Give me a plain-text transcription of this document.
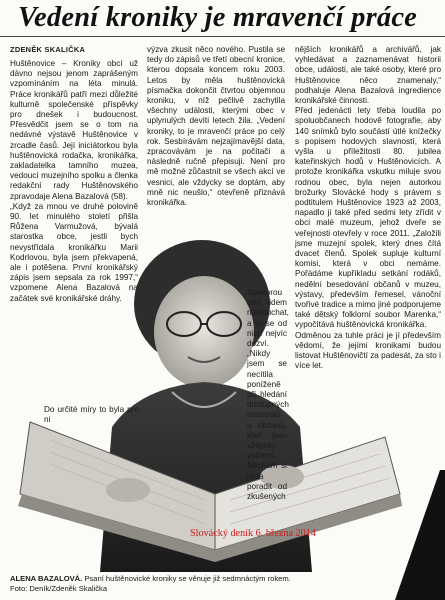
Vedení kroniky je mravenčí práce
ZDENĚK SKALIČKA
Huštěnovice – Kroniky obcí už dávno nejsou jenom zaprášeným vzpomínáním na léta minulá. Práce kronikářů patří mezi důležité kulturně společenské příspěvky pro dnešek i budoucnost. Přesvědčit jsem se o tom na nedávné výstavě Huštěnovice v zrcadle časů. Její iniciátorkou byla huštěnovická rodačka, kronikářka, zakladatelka tamního muzea, vedoucí muzejního spolku a členka redakční rady Huštěnovského zpravodaje Alena Bazalová (58).
„Když za mnou ve druhé polovině 90. let minulého století přišla Růžena Varmužová, bývalá starostka obce, jestli bych nevystřídala kronikářku Marii Kodrlovou, byla jsem překvapená, ale i potěšena. První kronikářský zápis jsem sepsala za rok 1997,“ vzpomene Alena Bazalová na začátek své kronikářské dráhy.
Do určité míry to byla pro ni
výzva zkusit něco nového. Pustila se tedy do zápisů ve třetí obecní kronice, kterou dopsala koncem roku 2003. Letos by měla huštěnovická písmačka dokončit čtvrtou objemnou kroniku, v níž pečlivě zachytila všechny události, kterými obec v uplynulých devíti letech žila. „Vedení kroniky, to je mravenčí práce po celý rok. Sesbírávám nejzajímavější data, zpracovávám je na počítači a následně ručně přepisuji. Není pro mě možné zůčastnit se všech akcí ve vesnici, ale vždycky se doptám, aby mně nic neušlo,“ otevřeně přiznává kronikářka.
Spokorou umí lidem naslouchat, a to se od nich nejvíc dozví. „Nikdy jsem se necítila poníženě při hledání dostupných materiálů u občanů, kteří jsou vždycky vstřícní. Nechám si ráda poradit od zkušených
nějších kronikářů a archivářů, jak vyhledávat a zaznamenávat historii obce, události, ale také osoby, které pro Huštěnovice něco znamenaly,“ podhaluje Alena Bazalová ingredience kronikářské činnosti.
Před jedenácti lety třeba loudila po spoluobčanech hodově fotografie, aby 140 snímků bylo součástí útlé knížečky s popisem hodových slavností, která vyšla u příležitosti 80. jubilea kateřinských hodů v Huštěnovicích. A protože kronikářka vskutku miluje svou rodnou obec, byla nejen autorkou brožurky Slovácké hody s právem s podtitulem Huštěnovice 1923 až 2003, napadlo ji také před sedmi lety zřídit v obci malé muzeum, jehož dveře se veřejnosti otevřely v roce 2011. „Založili jsme muzejní spolek, který dnes čítá dvacet členů. Spolek supluje kulturní komisi, která v obci nemáme. Pořádáme kupříkladu setkání rodáků, nedělní besedování občanů v muzeu, výstavy, především řemesel, vánoční tvořivé tradice a mimo jiné podporujeme také dětský folklorní soubor Marenka,“ vypočítává huštěnovická kronikářka.
Odměnou za tuhle práci je jí především vědomí, že jejími kronikami budou listovat Huštěnovičtí za padesát, za sto i více let.
Slovácký deník 6. března 2014
ALENA BAZALOVÁ. Psaní huštěnovické kroniky se věnuje již sedmnáctým rokem. Foto: Deník/Zdeněk Skalička
